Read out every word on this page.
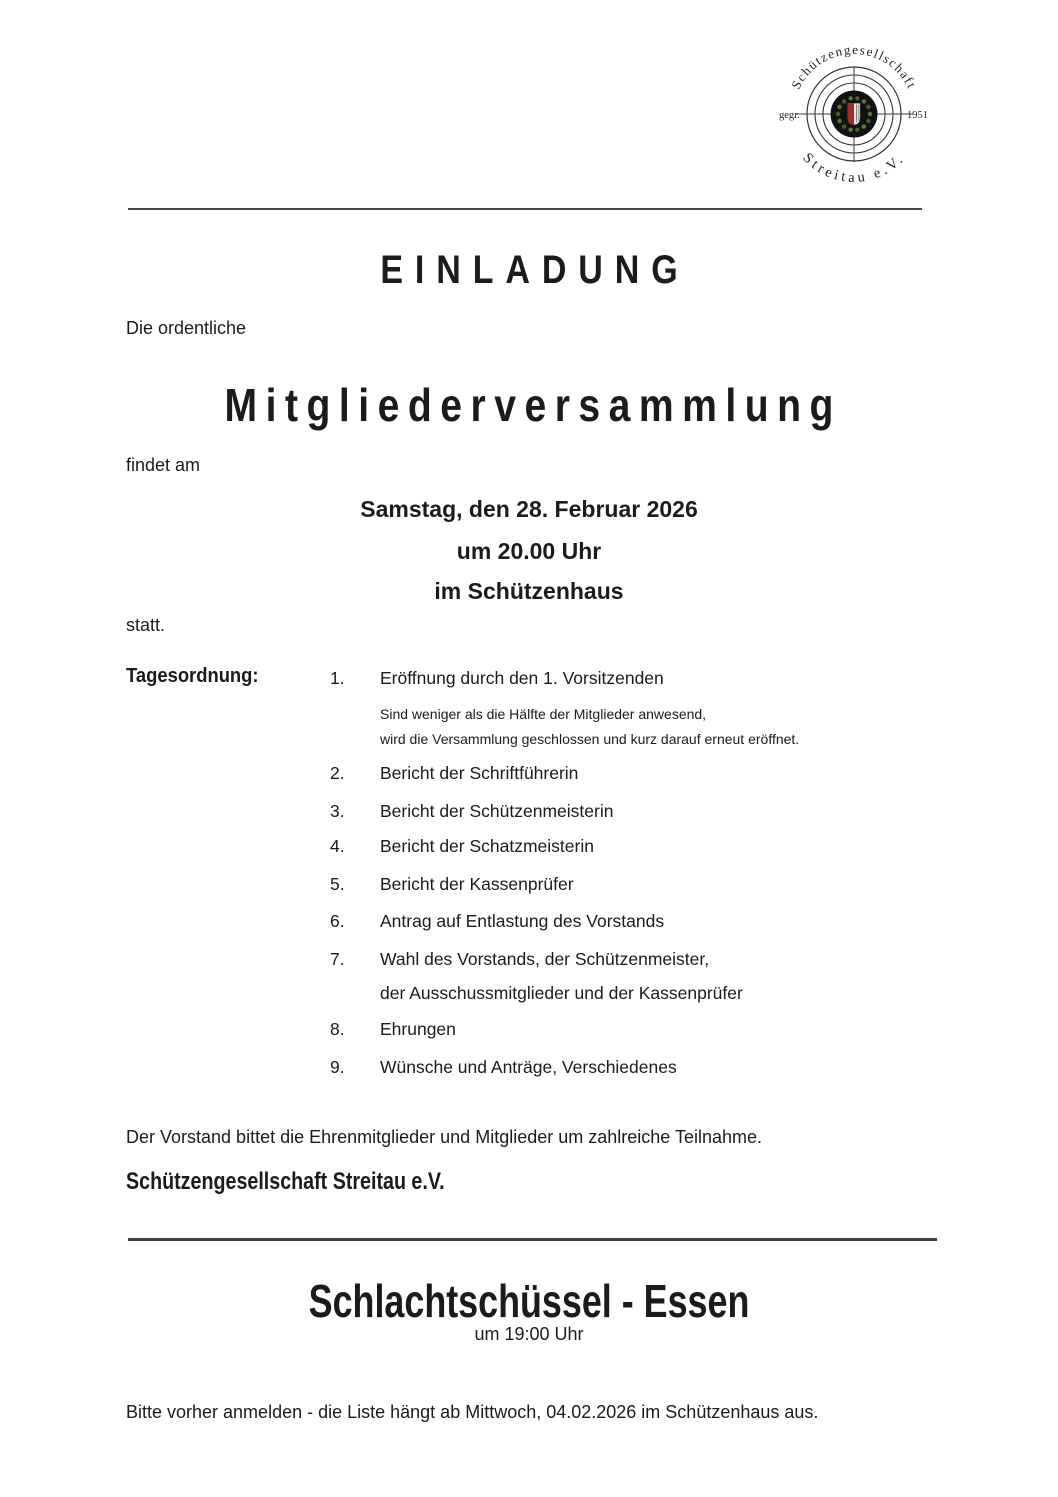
Schützengesellschaft
Streitau e.V.
gegr.	1951
EINLADUNG
Die ordentliche
Mitgliederversammlung
findet am
Samstag, den 28. Februar 2026
um 20.00 Uhr
im Schützenhaus
statt.
Tagesordnung:	1.	Eröffnung durch den 1. Vorsitzenden
Sind weniger als die Hälfte der Mitglieder anwesend,
wird die Versammlung geschlossen und kurz darauf erneut eröffnet.
2.	Bericht der Schriftführerin
3.	Bericht der Schützenmeisterin
4.	Bericht der Schatzmeisterin
5.	Bericht der Kassenprüfer
6.	Antrag auf Entlastung des Vorstands
7.	Wahl des Vorstands, der Schützenmeister,
der Ausschussmitglieder und der Kassenprüfer
8.	Ehrungen
9.	Wünsche und Anträge, Verschiedenes
Der Vorstand bittet die Ehrenmitglieder und Mitglieder um zahlreiche Teilnahme.
Schützengesellschaft Streitau e.V.
Schlachtschüssel - Essen
um 19:00 Uhr
Bitte vorher anmelden - die Liste hängt ab Mittwoch, 04.02.2026 im Schützenhaus aus.
